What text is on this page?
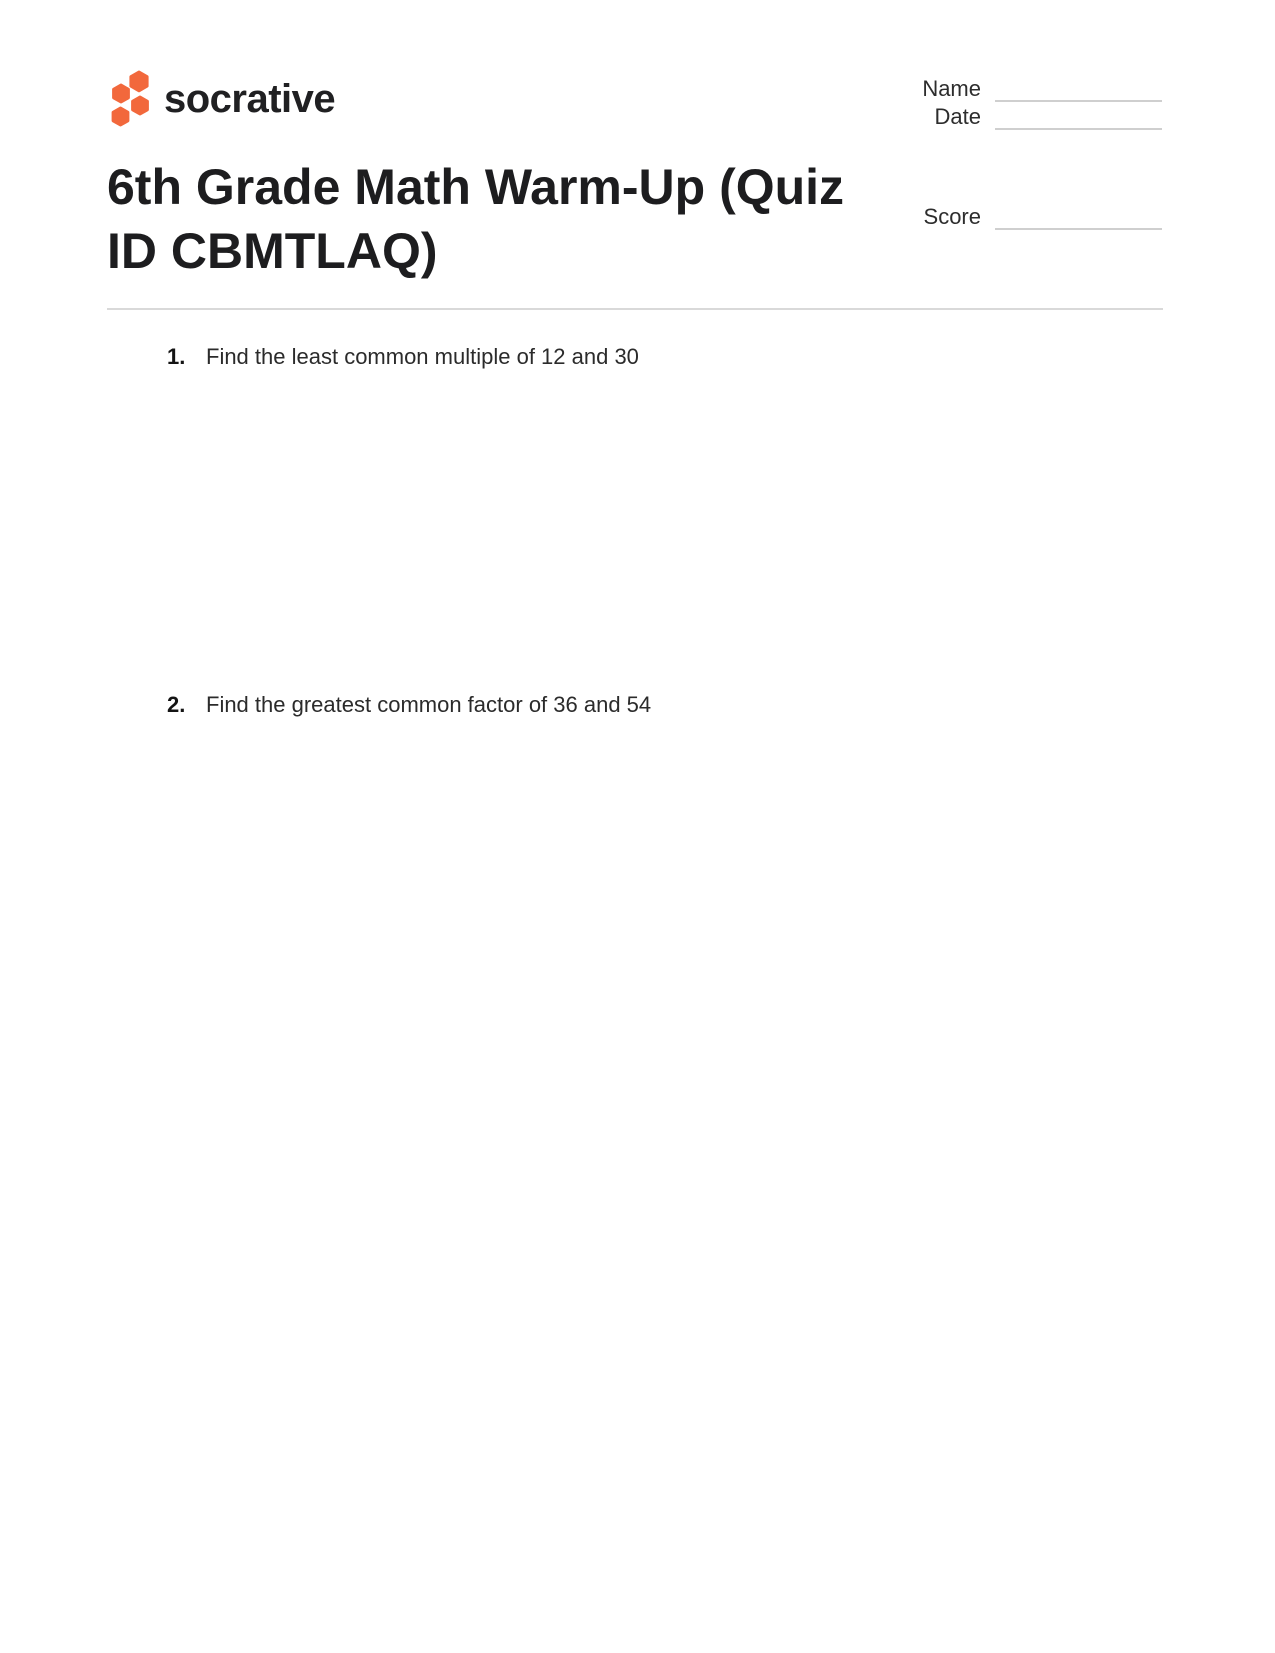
socrative	Name
Date
Score
6th Grade Math Warm-Up (Quiz ID CBMTLAQ)
1. Find the least common multiple of 12 and 30
2. Find the greatest common factor of 36 and 54
